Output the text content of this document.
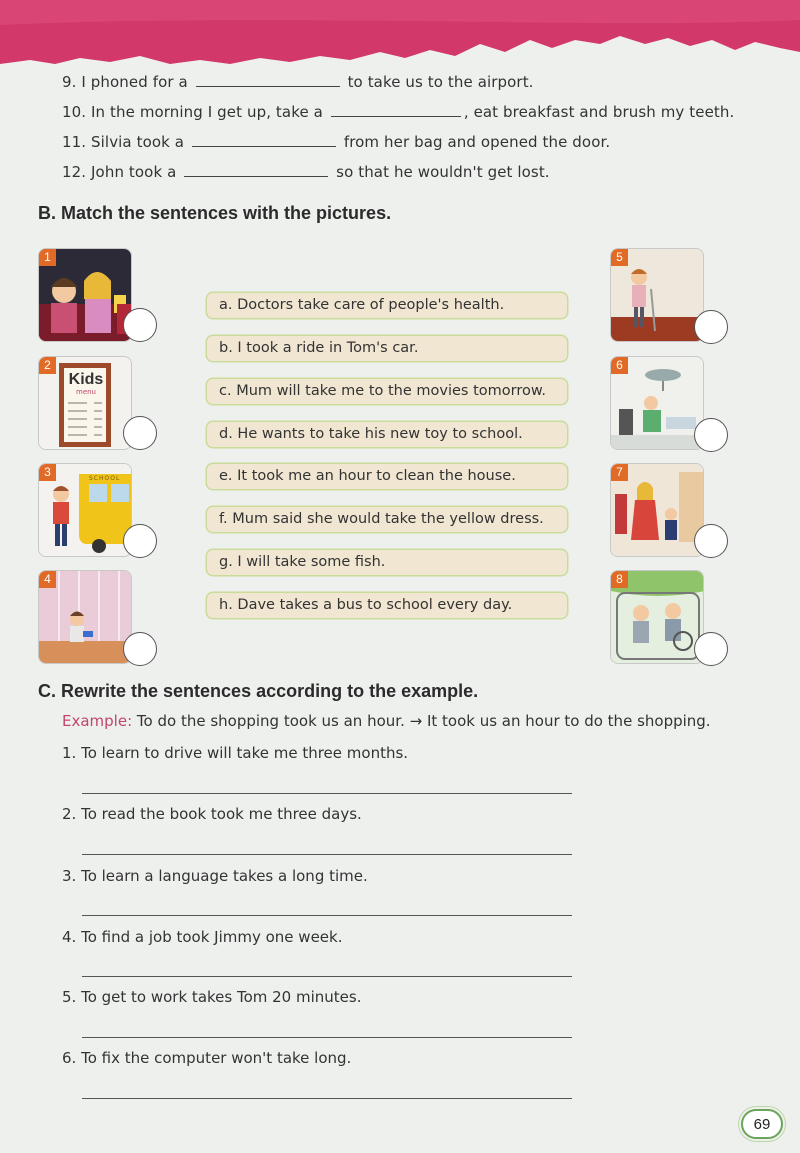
9. I phoned for a	to take us to the airport.
10. In the morning I get up, take a	, eat breakfast and brush my teeth.
11. Silvia took a	from her bag and opened the door.
12. John took a	so that he wouldn't get lost.
B. Match the sentences with the pictures.
1
2
Kids
menu
3	SCHOOL
4
a. Doctors take care of people's health.
b. I took a ride in Tom's car.
c. Mum will take me to the movies tomorrow.
d. He wants to take his new toy to school.
e. It took me an hour to clean the house.
f. Mum said she would take the yellow dress.
g. I will take some fish.
h. Dave takes a bus to school every day.
5
6
7
8
C. Rewrite the sentences according to the example.
Example: To do the shopping took us an hour. → It took us an hour to do the shopping.
1. To learn to drive will take me three months.
2. To read the book took me three days.
3. To learn a language takes a long time.
4. To find a job took Jimmy one week.
5. To get to work takes Tom 20 minutes.
6. To fix the computer won't take long.
69
